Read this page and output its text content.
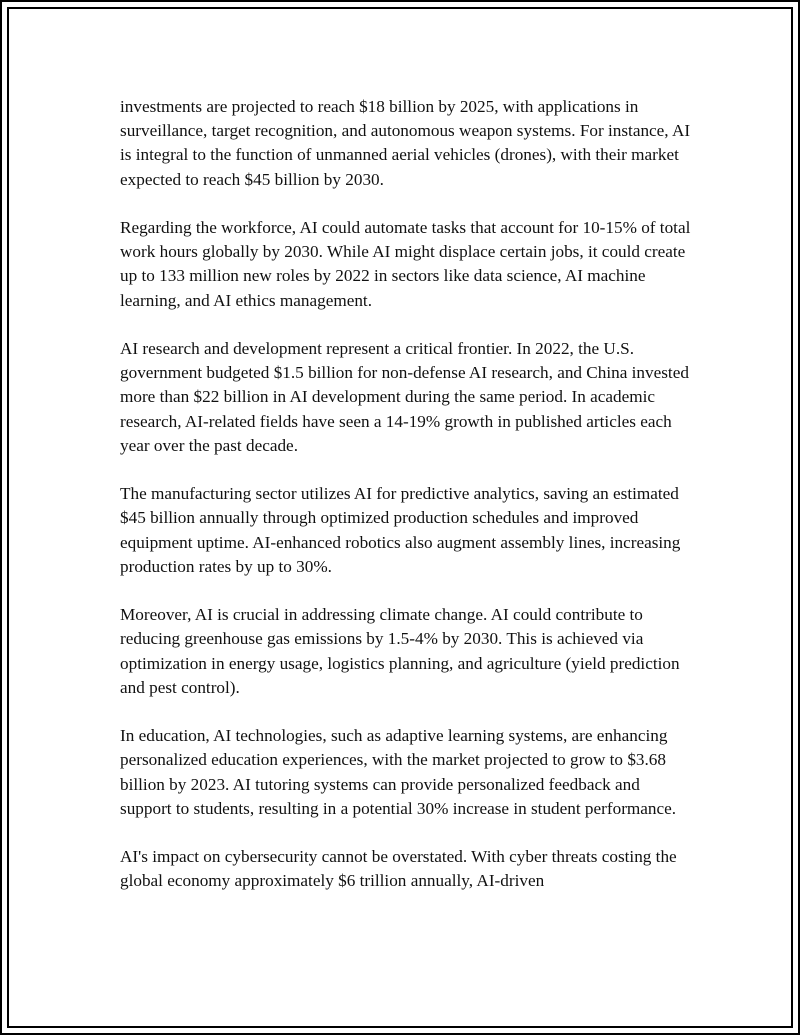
investments are projected to reach $18 billion by 2025, with applications in surveillance, target recognition, and autonomous weapon systems. For instance, AI is integral to the function of unmanned aerial vehicles (drones), with their market expected to reach $45 billion by 2030.

Regarding the workforce, AI could automate tasks that account for 10-15% of total work hours globally by 2030. While AI might displace certain jobs, it could create up to 133 million new roles by 2022 in sectors like data science, AI machine learning, and AI ethics management.

AI research and development represent a critical frontier. In 2022, the U.S. government budgeted $1.5 billion for non-defense AI research, and China invested more than $22 billion in AI development during the same period. In academic research, AI-related fields have seen a 14-19% growth in published articles each year over the past decade.

The manufacturing sector utilizes AI for predictive analytics, saving an estimated $45 billion annually through optimized production schedules and improved equipment uptime. AI-enhanced robotics also augment assembly lines, increasing production rates by up to 30%.

Moreover, AI is crucial in addressing climate change. AI could contribute to reducing greenhouse gas emissions by 1.5-4% by 2030. This is achieved via optimization in energy usage, logistics planning, and agriculture (yield prediction and pest control).

In education, AI technologies, such as adaptive learning systems, are enhancing personalized education experiences, with the market projected to grow to $3.68 billion by 2023. AI tutoring systems can provide personalized feedback and support to students, resulting in a potential 30% increase in student performance.

AI's impact on cybersecurity cannot be overstated. With cyber threats costing the global economy approximately $6 trillion annually, AI-driven
